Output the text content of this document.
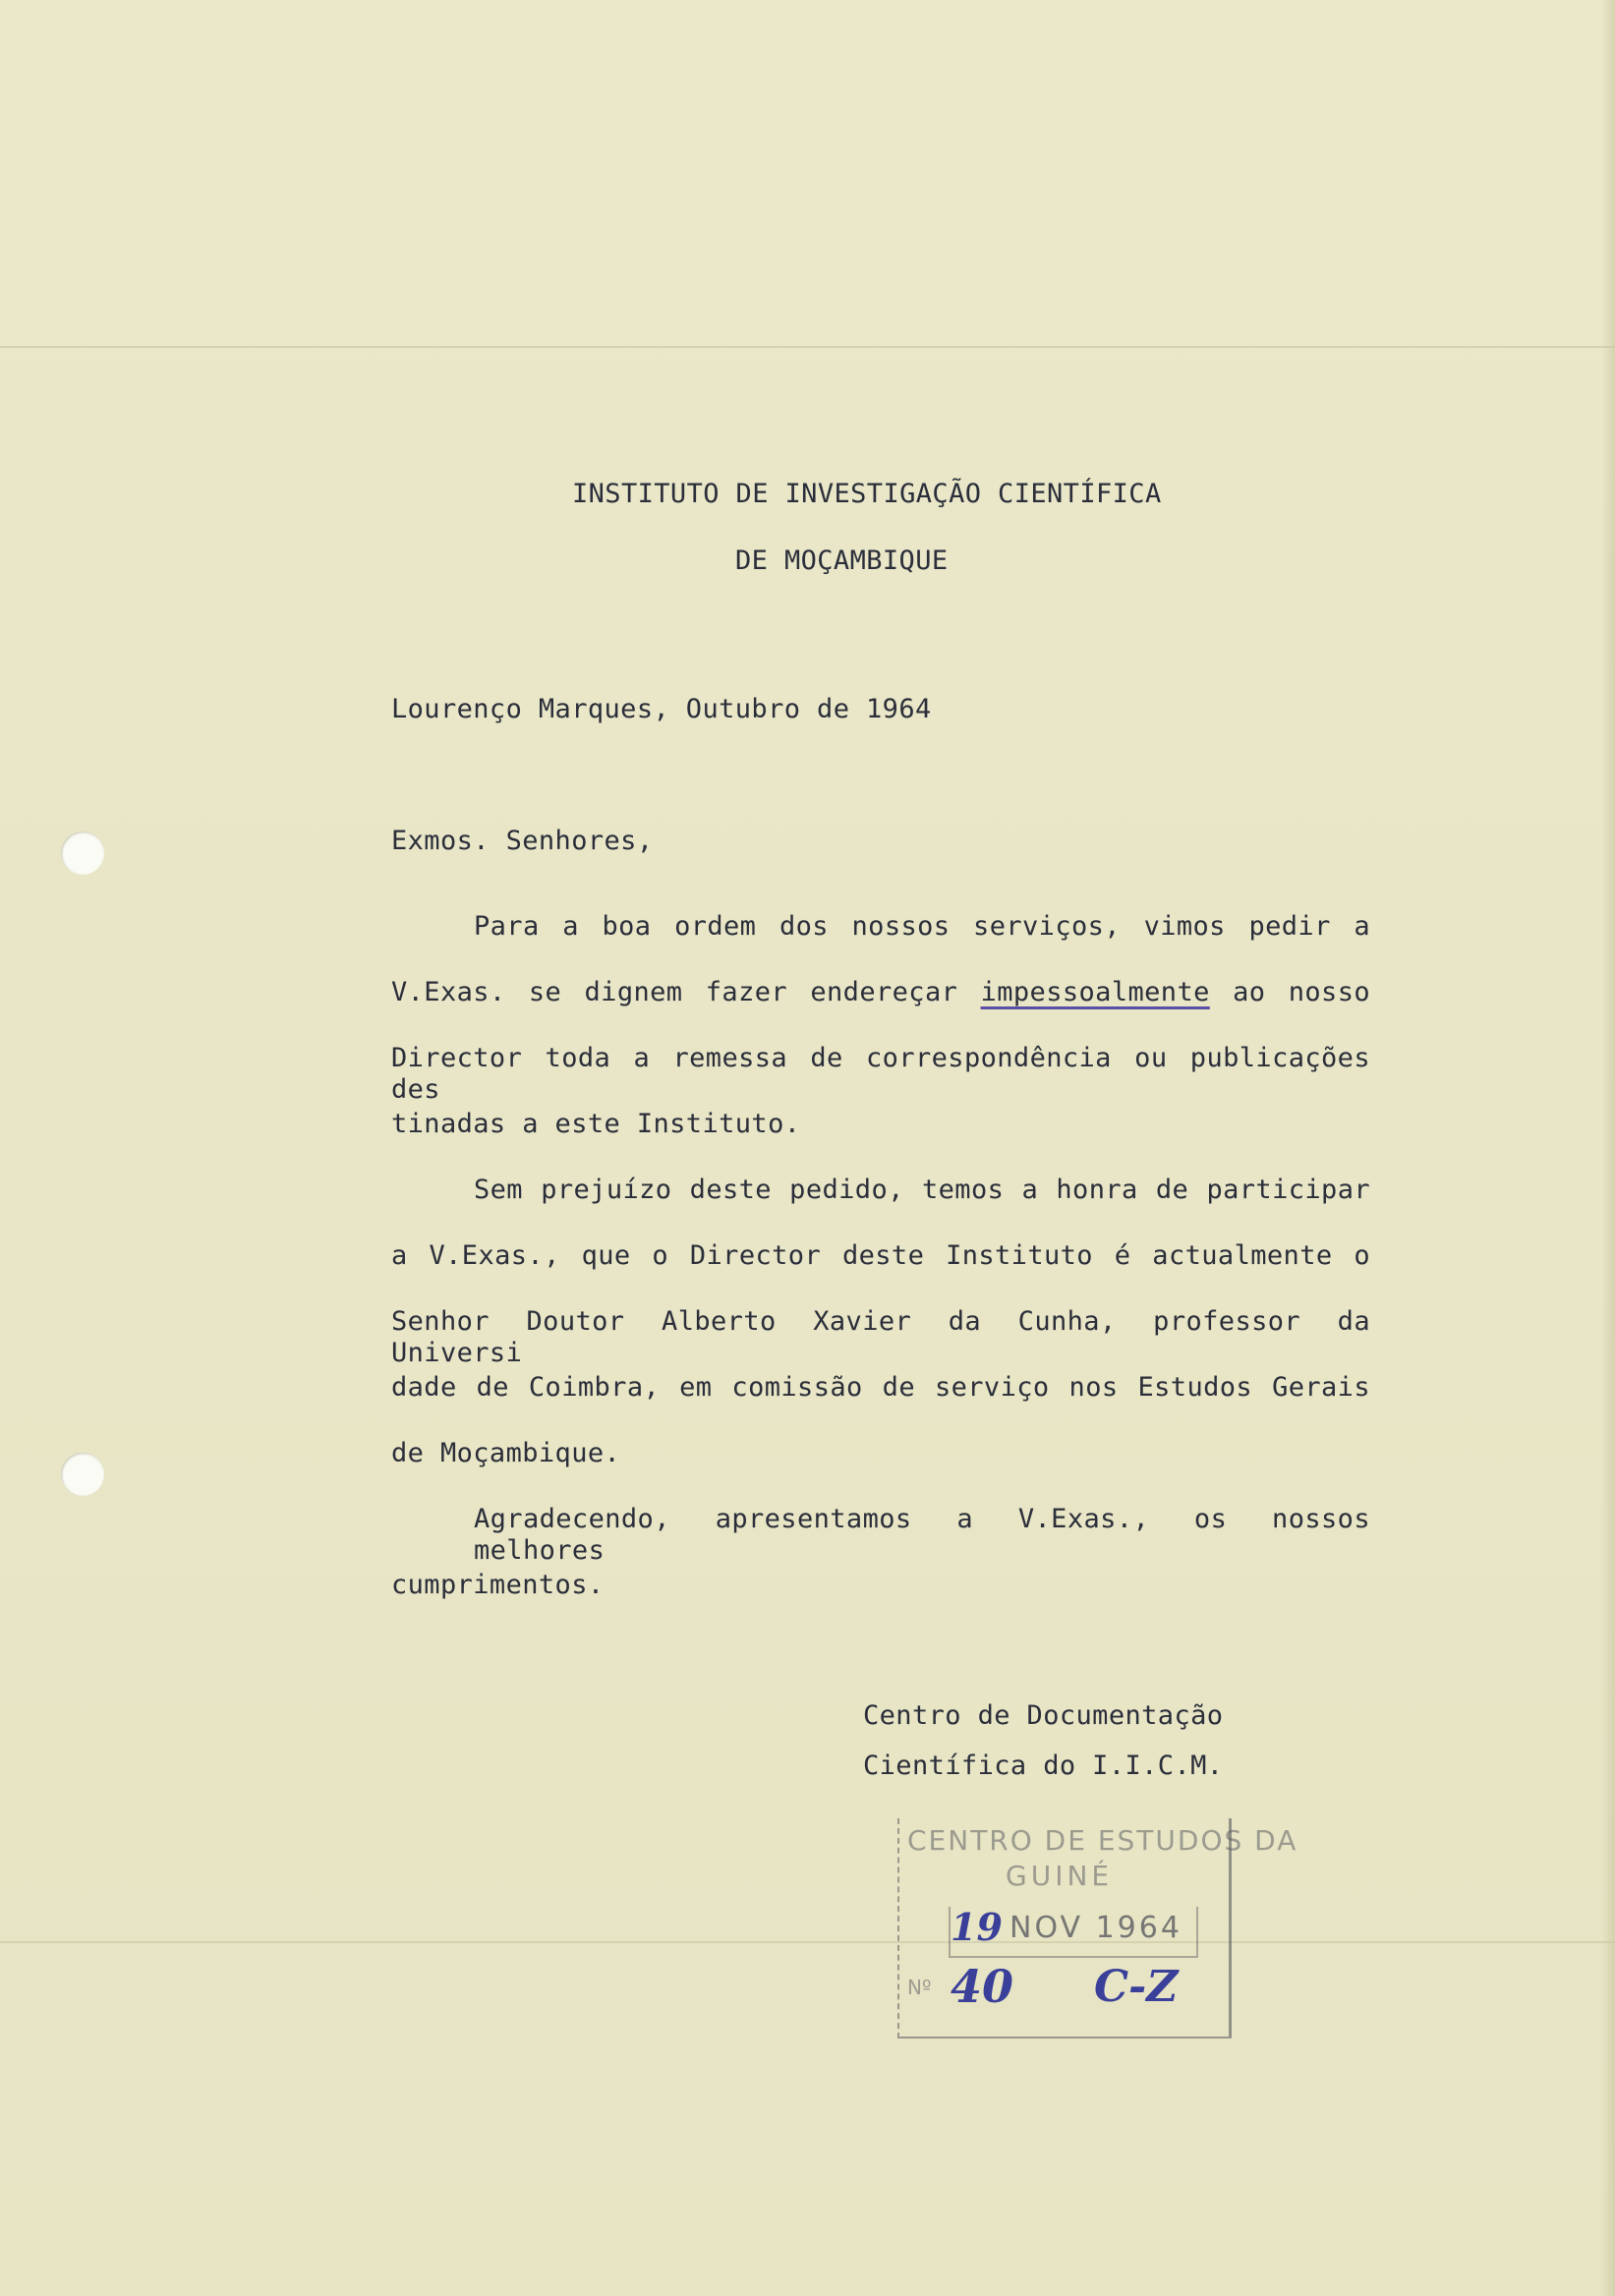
INSTITUTO DE INVESTIGAÇÃO CIENTÍFICA
DE MOÇAMBIQUE
Lourenço Marques, Outubro de 1964
Exmos. Senhores,
Para a boa ordem dos nossos serviços, vimos pedir a
V.Exas. se dignem fazer endereçar impessoalmente ao nosso
Director toda a remessa de correspondência ou publicações des
tinadas a este Instituto.
Sem prejuízo deste pedido, temos a honra de participar
a V.Exas., que o Director deste Instituto é actualmente o
Senhor Doutor Alberto Xavier da Cunha, professor da Universi
dade de Coimbra, em comissão de serviço nos Estudos Gerais
de Moçambique.
Agradecendo, apresentamos a V.Exas., os nossos melhores
cumprimentos.
Centro de Documentação
Científica do I.I.C.M.
CENTRO DE ESTUDOS DA
GUINÉ
19 NOV 1964
Nº 40 C-Z
